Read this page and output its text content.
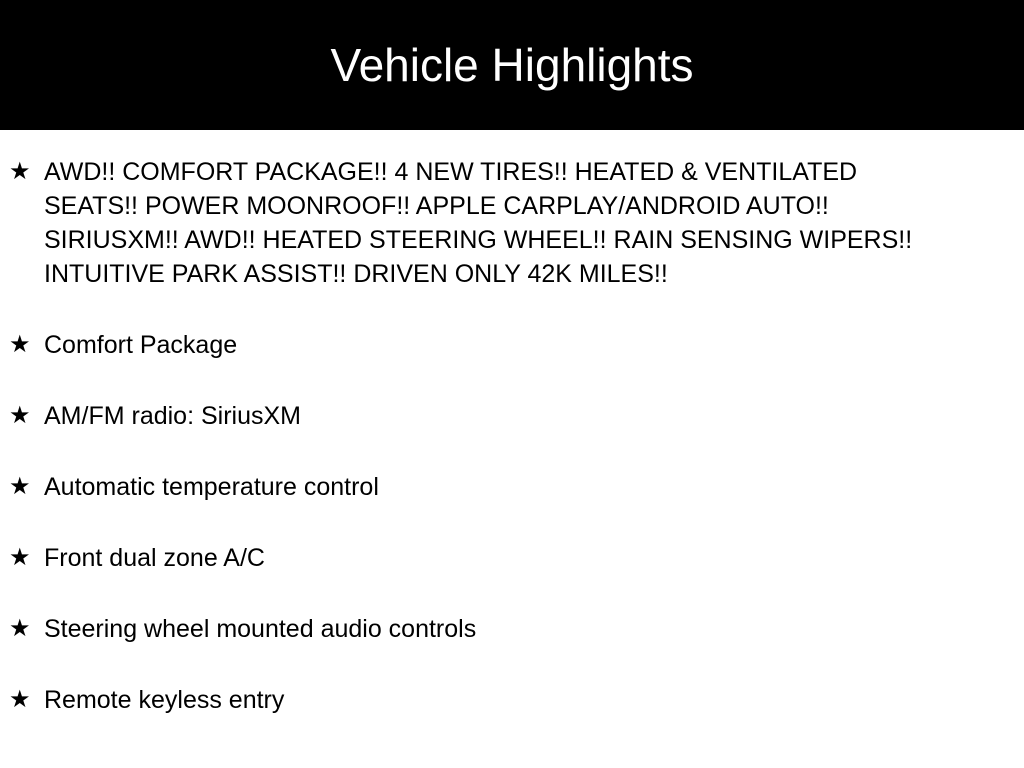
Vehicle Highlights
★ AWD!! COMFORT PACKAGE!! 4 NEW TIRES!! HEATED & VENTILATED SEATS!! POWER MOONROOF!! APPLE CARPLAY/ANDROID AUTO!! SIRIUSXM!! AWD!! HEATED STEERING WHEEL!! RAIN SENSING WIPERS!! INTUITIVE PARK ASSIST!! DRIVEN ONLY 42K MILES!!
★ Comfort Package
★ AM/FM radio: SiriusXM
★ Automatic temperature control
★ Front dual zone A/C
★ Steering wheel mounted audio controls
★ Remote keyless entry
